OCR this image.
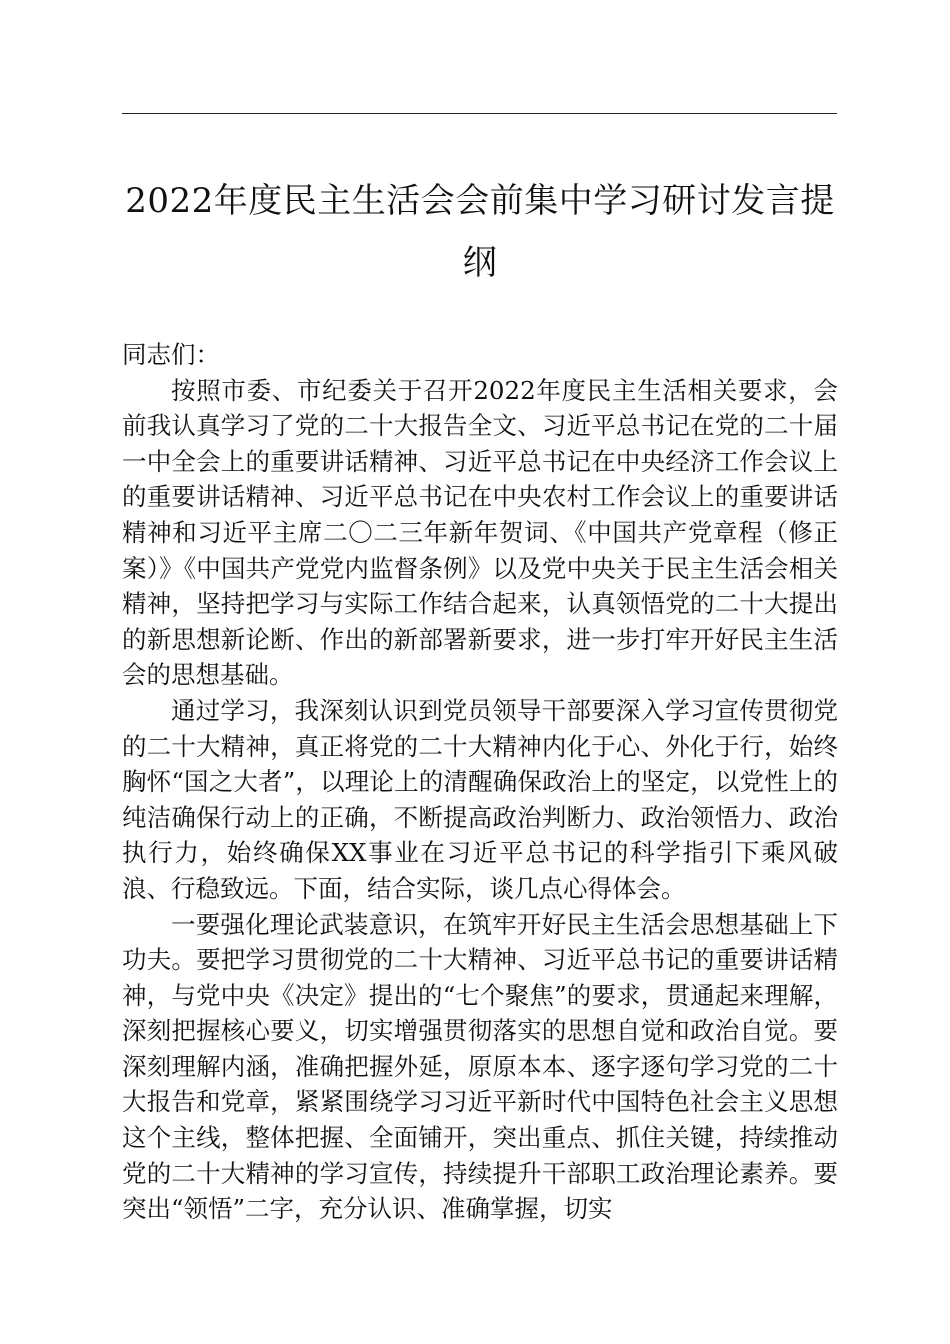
2022年度民主生活会会前集中学习研讨发言提纲

同志们：

按照市委、市纪委关于召开2022年度民主生活相关要求，会前我认真学习了党的二十大报告全文、习近平总书记在党的二十届一中全会上的重要讲话精神、习近平总书记在中央经济工作会议上的重要讲话精神、习近平总书记在中央农村工作会议上的重要讲话精神和习近平主席二〇二三年新年贺词、《中国共产党章程（修正案）》《中国共产党党内监督条例》以及党中央关于民主生活会相关精神，坚持把学习与实际工作结合起来，认真领悟党的二十大提出的新思想新论断、作出的新部署新要求，进一步打牢开好民主生活会的思想基础。

通过学习，我深刻认识到党员领导干部要深入学习宣传贯彻党的二十大精神，真正将党的二十大精神内化于心、外化于行，始终胸怀“国之大者”，以理论上的清醒确保政治上的坚定，以党性上的纯洁确保行动上的正确，不断提高政治判断力、政治领悟力、政治执行力，始终确保XX事业在习近平总书记的科学指引下乘风破浪、行稳致远。下面，结合实际，谈几点心得体会。

一要强化理论武装意识，在筑牢开好民主生活会思想基础上下功夫。要把学习贯彻党的二十大精神、习近平总书记的重要讲话精神，与党中央《决定》提出的“七个聚焦”的要求，贯通起来理解，深刻把握核心要义，切实增强贯彻落实的思想自觉和政治自觉。要深刻理解内涵，准确把握外延，原原本本、逐字逐句学习党的二十大报告和党章，紧紧围绕学习习近平新时代中国特色社会主义思想这个主线，整体把握、全面铺开，突出重点、抓住关键，持续推动党的二十大精神的学习宣传，持续提升干部职工政治理论素养。要突出“领悟”二字，充分认识、准确掌握，切实
